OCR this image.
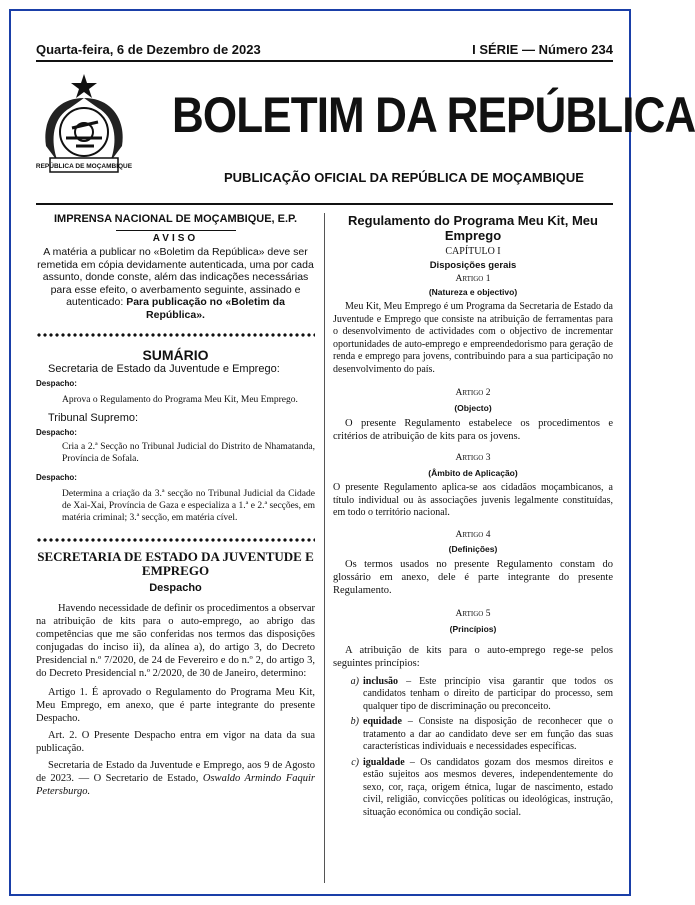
Quarta-feira, 6 de Dezembro de 2023	I SÉRIE — Número 234
REPÚBLICA DE MOÇAMBIQUE
BOLETIM DA REPÚBLICA
PUBLICAÇÃO OFICIAL DA REPÚBLICA DE MOÇAMBIQUE

IMPRENSA NACIONAL DE MOÇAMBIQUE, E.P.

AVISO

A matéria a publicar no «Boletim da República» deve ser remetida em cópia devidamente autenticada, uma por cada assunto, donde conste, além das indicações necessárias para esse efeito, o averbamento seguinte, assinado e autenticado: Para publicação no «Boletim da República».

SUMÁRIO

Secretaria de Estado da Juventude e Emprego:

Despacho:

Aprova o Regulamento do Programa Meu Kit, Meu Emprego.

Tribunal Supremo:

Despacho:

Cria a 2.ª Secção no Tribunal Judicial do Distrito de Nhamatanda, Província de Sofala.

Despacho:

Determina a criação da 3.ª secção no Tribunal Judicial da Cidade de Xai-Xai, Província de Gaza e especializa a 1.ª e 2.ª secções, em matéria criminal; 3.ª secção, em matéria cível.

SECRETARIA DE ESTADO DA JUVENTUDE E EMPREGO

Despacho

Havendo necessidade de definir os procedimentos a observar na atribuição de kits para o auto-emprego, ao abrigo das competências que me são conferidas nos termos das disposições conjugadas do inciso ii), da alínea a), do artigo 3, do Decreto Presidencial n.º 7/2020, de 24 de Fevereiro e do n.º 2, do artigo 3, do Decreto Presidencial n.º 2/2020, de 30 de Janeiro, determino:

Artigo 1. É aprovado o Regulamento do Programa Meu Kit, Meu Emprego, em anexo, que é parte integrante do presente Despacho.

Art. 2. O Presente Despacho entra em vigor na data da sua publicação.

Secretaria de Estado da Juventude e Emprego, aos 9 de Agosto de 2023. — O Secretario de Estado, Oswaldo Armindo Faquir Petersburgo.

Regulamento do Programa Meu Kit, Meu Emprego

CAPÍTULO I

Disposições gerais

Artigo 1

(Natureza e objectivo)

Meu Kit, Meu Emprego é um Programa da Secretaria de Estado da Juventude e Emprego que consiste na atribuição de ferramentas para o desenvolvimento de actividades com o objectivo de incrementar oportunidades de auto-emprego e empreendedorismo para geração de renda e emprego para jovens, contribuindo para a sua participação no desenvolvimento do país.

Artigo 2

(Objecto)

O presente Regulamento estabelece os procedimentos e critérios de atribuição de kits para os jovens.

Artigo 3

(Âmbito de Aplicação)

O presente Regulamento aplica-se aos cidadãos moçambicanos, a título individual ou às associações juvenis legalmente constituídas, em todo o território nacional.

Artigo 4

(Definições)

Os termos usados no presente Regulamento constam do glossário em anexo, dele é parte integrante do presente Regulamento.

Artigo 5

(Princípios)

A atribuição de kits para o auto-emprego rege-se pelos seguintes princípios:

a) inclusão – Este princípio visa garantir que todos os candidatos tenham o direito de participar do processo, sem qualquer tipo de discriminação ou preconceito.
b) equidade – Consiste na disposição de reconhecer que o tratamento a dar ao candidato deve ser em função das suas características individuais e necessidades específicas.
c) igualdade – Os candidatos gozam dos mesmos direitos e estão sujeitos aos mesmos deveres, independentemente do sexo, cor, raça, origem étnica, lugar de nascimento, estado civil, religião, convicções políticas ou ideológicas, instrução, situação económica ou condição social.
